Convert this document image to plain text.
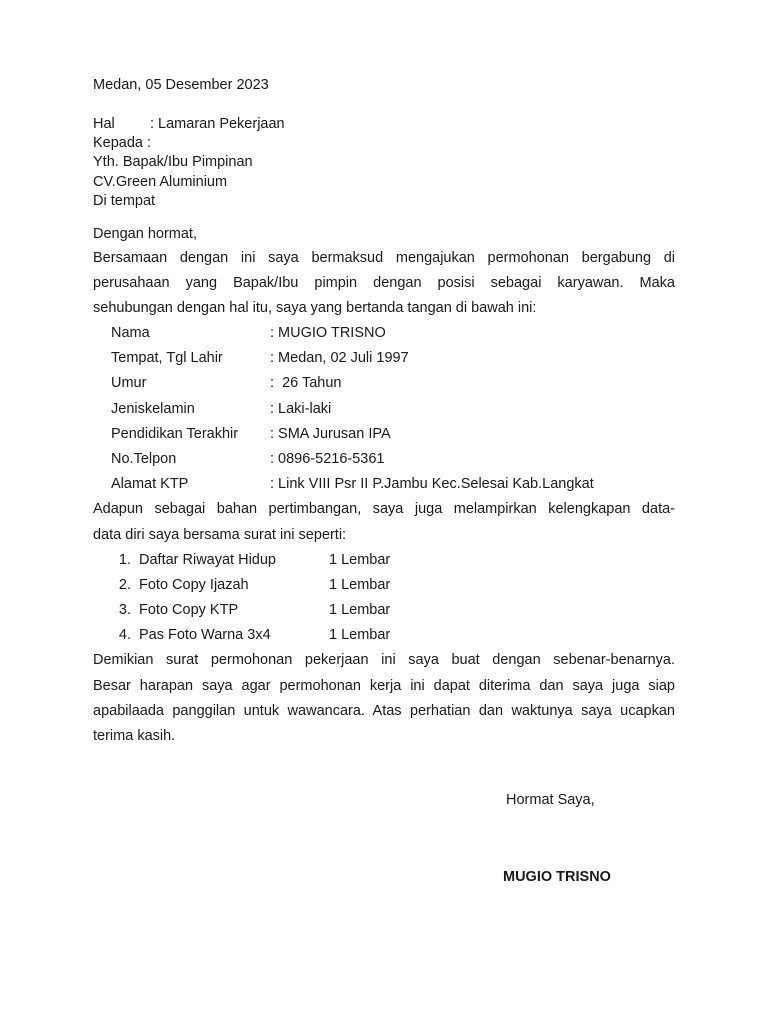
Medan, 05 Desember 2023
Hal : Lamaran Pekerjaan
Kepada :
Yth. Bapak/Ibu Pimpinan
CV.Green Aluminium
Di tempat
Dengan hormat,
Bersamaan dengan ini saya bermaksud mengajukan permohonan bergabung di
perusahaan yang Bapak/Ibu pimpin dengan posisi sebagai karyawan. Maka
sehubungan dengan hal itu, saya yang bertanda tangan di bawah ini:
Nama	: MUGIO TRISNO
Tempat, Tgl Lahir	: Medan, 02 Juli 1997
Umur	:  26 Tahun
Jeniskelamin	: Laki-laki
Pendidikan Terakhir : SMA Jurusan IPA
No.Telpon	: 0896-5216-5361
Alamat KTP	: Link VIII Psr II P.Jambu Kec.Selesai Kab.Langkat
Adapun sebagai bahan pertimbangan, saya juga melampirkan kelengkapan data-
data diri saya bersama surat ini seperti:
1. Daftar Riwayat Hidup	1 Lembar
2. Foto Copy Ijazah	1 Lembar
3. Foto Copy KTP	1 Lembar
4. Pas Foto Warna 3x4	1 Lembar
Demikian surat permohonan pekerjaan ini saya buat dengan sebenar-benarnya.
Besar harapan saya agar permohonan kerja ini dapat diterima dan saya juga siap
apabilaada panggilan untuk wawancara. Atas perhatian dan waktunya saya ucapkan
terima kasih.
Hormat Saya,
MUGIO TRISNO
